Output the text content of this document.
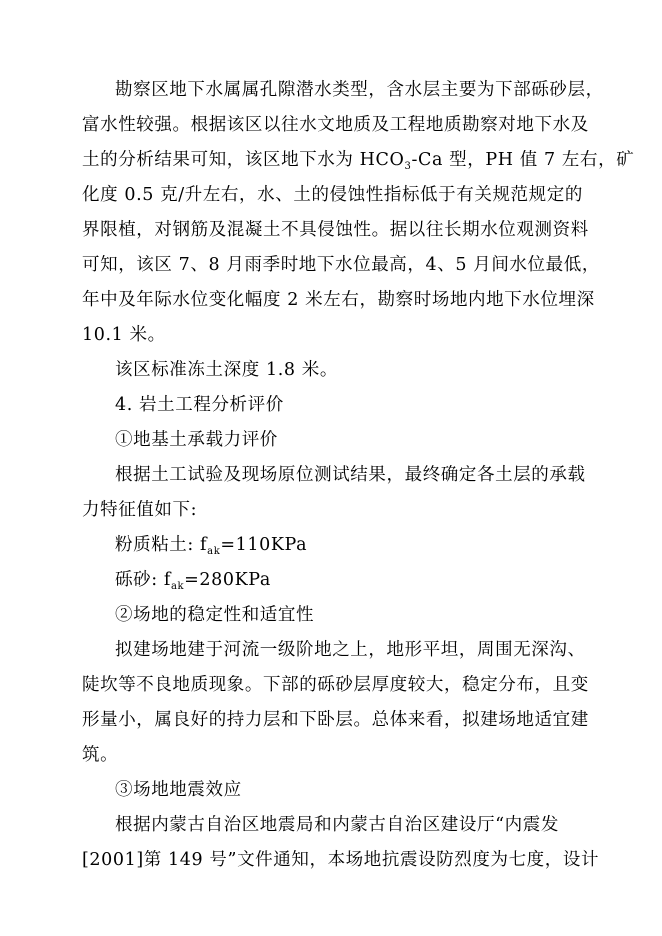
勘察区地下水属属孔隙潜水类型，含水层主要为下部砾砂层，
富水性较强。根据该区以往水文地质及工程地质勘察对地下水及
土的分析结果可知，该区地下水为 $HCO_3-Ca$ 型，PH 值 7 左右，矿
化度 0.5 克/升左右，水、土的侵蚀性指标低于有关规范规定的
界限植，对钢筋及混凝土不具侵蚀性。据以往长期水位观测资料
可知，该区 7、8 月雨季时地下水位最高，4、5 月间水位最低，
年中及年际水位变化幅度 2 米左右，勘察时场地内地下水位埋深
10.1 米。
该区标准冻土深度 1.8 米。
4. 岩土工程分析评价
①地基土承载力评价
根据土工试验及现场原位测试结果，最终确定各土层的承载
力特征值如下:
粉质粘土: $f_{ak}=110KPa$
砾砂: $f_{ak}=280KPa$
②场地的稳定性和适宜性
拟建场地建于河流一级阶地之上，地形平坦，周围无深沟、
陡坎等不良地质现象。下部的砾砂层厚度较大，稳定分布，且变
形量小，属良好的持力层和下卧层。总体来看，拟建场地适宜建
筑。
③场地地震效应
根据内蒙古自治区地震局和内蒙古自治区建设厅“内震发
[2001]第 149 号”文件通知，本场地抗震设防烈度为七度，设计
